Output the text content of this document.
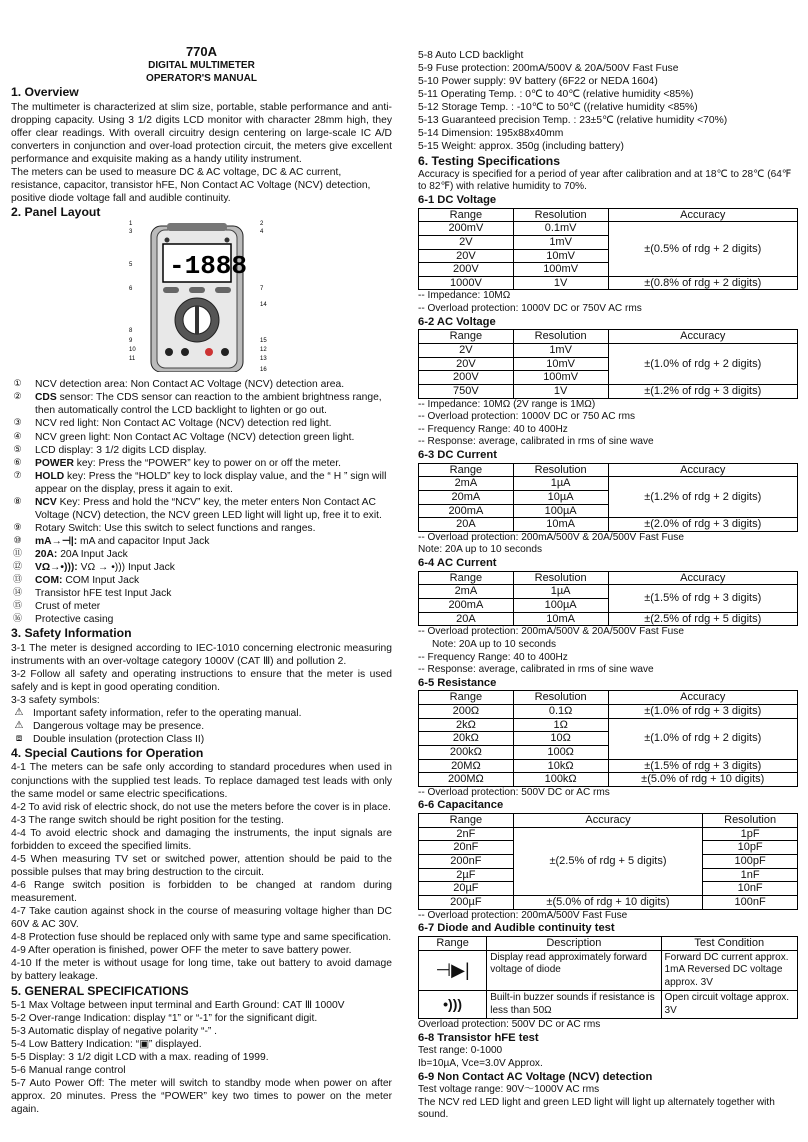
770A
DIGITAL MULTIMETER
OPERATOR'S MANUAL
1. Overview

The multimeter is characterized at slim size, portable, stable performance and anti-dropping capacity. Using 3 1/2 digits LCD monitor with character 28mm high, they offer clear readings. With overall circuitry design centering on large-scale IC A/D converters in conjunction and over-load protection circuit, the meters give excellent performance and exquisite making as a handy utility instrument.

The meters can be used to measure DC & AC voltage, DC & AC current, resistance, capacitor, transistor hFE, Non Contact AC Voltage (NCV) detection, positive diode voltage fall and audible continuity.

2. Panel Layout
-1888
1
3
2
4
5
6	7
14
8
9
10
11
15
12
13
16
① NCV detection area: Non Contact AC Voltage (NCV) detection area.
② CDS sensor: The CDS sensor can reaction to the ambient brightness range, then automatically control the LCD backlight to lighten or go out.
③ NCV red light: Non Contact AC Voltage (NCV) detection red light.
④ NCV green light: Non Contact AC Voltage (NCV) detection green light.
⑤ LCD display: 3 1/2 digits LCD display.
⑥ POWER key: Press the “POWER” key to power on or off the meter.
⑦ HOLD key: Press the “HOLD” key to lock display value, and the “ H ” sign will appear on the display, press it again to exit.
⑧ NCV Key: Press and hold the “NCV” key, the meter enters Non Contact AC Voltage (NCV) detection, the NCV green LED light will light up, free it to exit.
⑨ Rotary Switch: Use this switch to select functions and ranges.
⑩ mA→⊣|: mA and capacitor Input Jack
⑪ 20A: 20A Input Jack
⑫ VΩ→•))): VΩ → •))) Input Jack
⑬ COM: COM Input Jack
⑭ Transistor hFE test Input Jack
⑮ Crust of meter
⑯ Protective casing
3. Safety Information

3-1 The meter is designed according to IEC-1010 concerning electronic measuring instruments with an over-voltage category 1000V (CAT Ⅲ) and pollution 2.

3-2 Follow all safety and operating instructions to ensure that the meter is used safely and is kept in good operating condition.

3-3 safety symbols:
⚠ Important safety information, refer to the operating manual.
⚠ Dangerous voltage may be presence.
⧈ Double insulation (protection Class II)
4. Special Cautions for Operation

4-1 The meters can be safe only according to standard procedures when used in conjunctions with the supplied test leads. To replace damaged test leads with only the same model or same electric specifications.

4-2 To avid risk of electric shock, do not use the meters before the cover is in place.

4-3 The range switch should be right position for the testing.

4-4 To avoid electric shock and damaging the instruments, the input signals are forbidden to exceed the specified limits.

4-5 When measuring TV set or switched power, attention should be paid to the possible pulses that may bring destruction to the circuit.

4-6 Range switch position is forbidden to be changed at random during measurement.

4-7 Take caution against shock in the course of measuring voltage higher than DC 60V & AC 30V.

4-8 Protection fuse should be replaced only with same type and same specification.

4-9 After operation is finished, power OFF the meter to save battery power.

4-10 If the meter is without usage for long time, take out battery to avoid damage by battery leakage.

5. GENERAL SPECIFICATIONS
5-1 Max Voltage between input terminal and Earth Ground: CAT Ⅲ 1000V
5-2 Over-range Indication: display “1” or “-1” for the significant digit.
5-3 Automatic display of negative polarity “-” .
5-4 Low Battery Indication: “▣” displayed.
5-5 Display: 3 1/2 digit LCD with a max. reading of 1999.
5-6 Manual range control

5-7 Auto Power Off: The meter will switch to standby mode when power on after approx. 20 minutes. Press the “POWER” key two times to power on the meter again.

5-8 Auto LCD backlight
5-9 Fuse protection: 200mA/500V & 20A/500V Fast Fuse
5-10 Power supply: 9V battery (6F22 or NEDA 1604)
5-11 Operating Temp. : 0℃ to 40℃ (relative humidity <85%)
5-12 Storage Temp. : -10℃ to 50℃ ((relative humidity <85%)
5-13 Guaranteed precision Temp. : 23±5℃ (relative humidity <70%)
5-14 Dimension: 195x88x40mm
5-15 Weight: approx. 350g (including battery)
6. Testing Specifications

Accuracy is specified for a period of year after calibration and at 18℃ to 28℃ (64℉ to 82℉) with relative humidity to 70%.

6-1 DC Voltage
Range	Resolution	Accuracy
200mV	0.1mV	±(0.5% of rdg + 2 digits)
2V	1mV	
20V	10mV	
200V	100mV	
1000V	1V	±(0.8% of rdg + 2 digits)
-- Impedance: 10MΩ
-- Overload protection: 1000V DC or 750V AC rms
6-2 AC Voltage
Range	Resolution	Accuracy
2V	1mV	±(1.0% of rdg + 2 digits)
20V	10mV	
200V	100mV	
750V	1V	±(1.2% of rdg + 3 digits)
-- Impedance: 10MΩ (2V range is 1MΩ)
-- Overload protection: 1000V DC or 750 AC rms
-- Frequency Range: 40 to 400Hz
-- Response: average, calibrated in rms of sine wave
6-3 DC Current
Range	Resolution	Accuracy
2mA	1µA	±(1.2% of rdg + 2 digits)
20mA	10µA	
200mA	100µA	
20A	10mA	±(2.0% of rdg + 3 digits)
-- Overload protection: 200mA/500V & 20A/500V Fast Fuse
Note: 20A up to 10 seconds
6-4 AC Current
Range	Resolution	Accuracy
2mA	1µA	±(1.5% of rdg + 3 digits)
200mA	100µA	
20A	10mA	±(2.5% of rdg + 5 digits)
-- Overload protection: 200mA/500V & 20A/500V Fast Fuse
Note: 20A up to 10 seconds
-- Frequency Range: 40 to 400Hz
-- Response: average, calibrated in rms of sine wave
6-5 Resistance
Range	Resolution	Accuracy
200Ω	0.1Ω	±(1.0% of rdg + 3 digits)
2kΩ	1Ω	±(1.0% of rdg + 2 digits)
20kΩ	10Ω	
200kΩ	100Ω	
20MΩ	10kΩ	±(1.5% of rdg + 3 digits)
200MΩ	100kΩ	±(5.0% of rdg + 10 digits)
-- Overload protection: 500V DC or AC rms
6-6 Capacitance
Range	Accuracy	Resolution
2nF	±(2.5% of rdg + 5 digits)	1pF
20nF		10pF
200nF		100pF
2µF		1nF
20µF		10nF
200µF	±(5.0% of rdg + 10 digits)	100nF
-- Overload protection: 200mA/500V Fast Fuse
6-7 Diode and Audible continuity test
Range	Description	Test Condition
⊣▶|	Display read approximately forward voltage of diode	Forward DC current approx. 1mA Reversed DC voltage approx. 3V
•)))	Built-in buzzer sounds if resistance is less than 50Ω	Open circuit voltage approx. 3V
Overload protection: 500V DC or AC rms
6-8 Transistor hFE test
Test range: 0-1000
Ib=10µA, Vce=3.0V Approx.
6-9 Non Contact AC Voltage (NCV) detection
Test voltage range: 90V～1000V AC rms
The NCV red LED light and green LED light will light up alternately together with sound.
